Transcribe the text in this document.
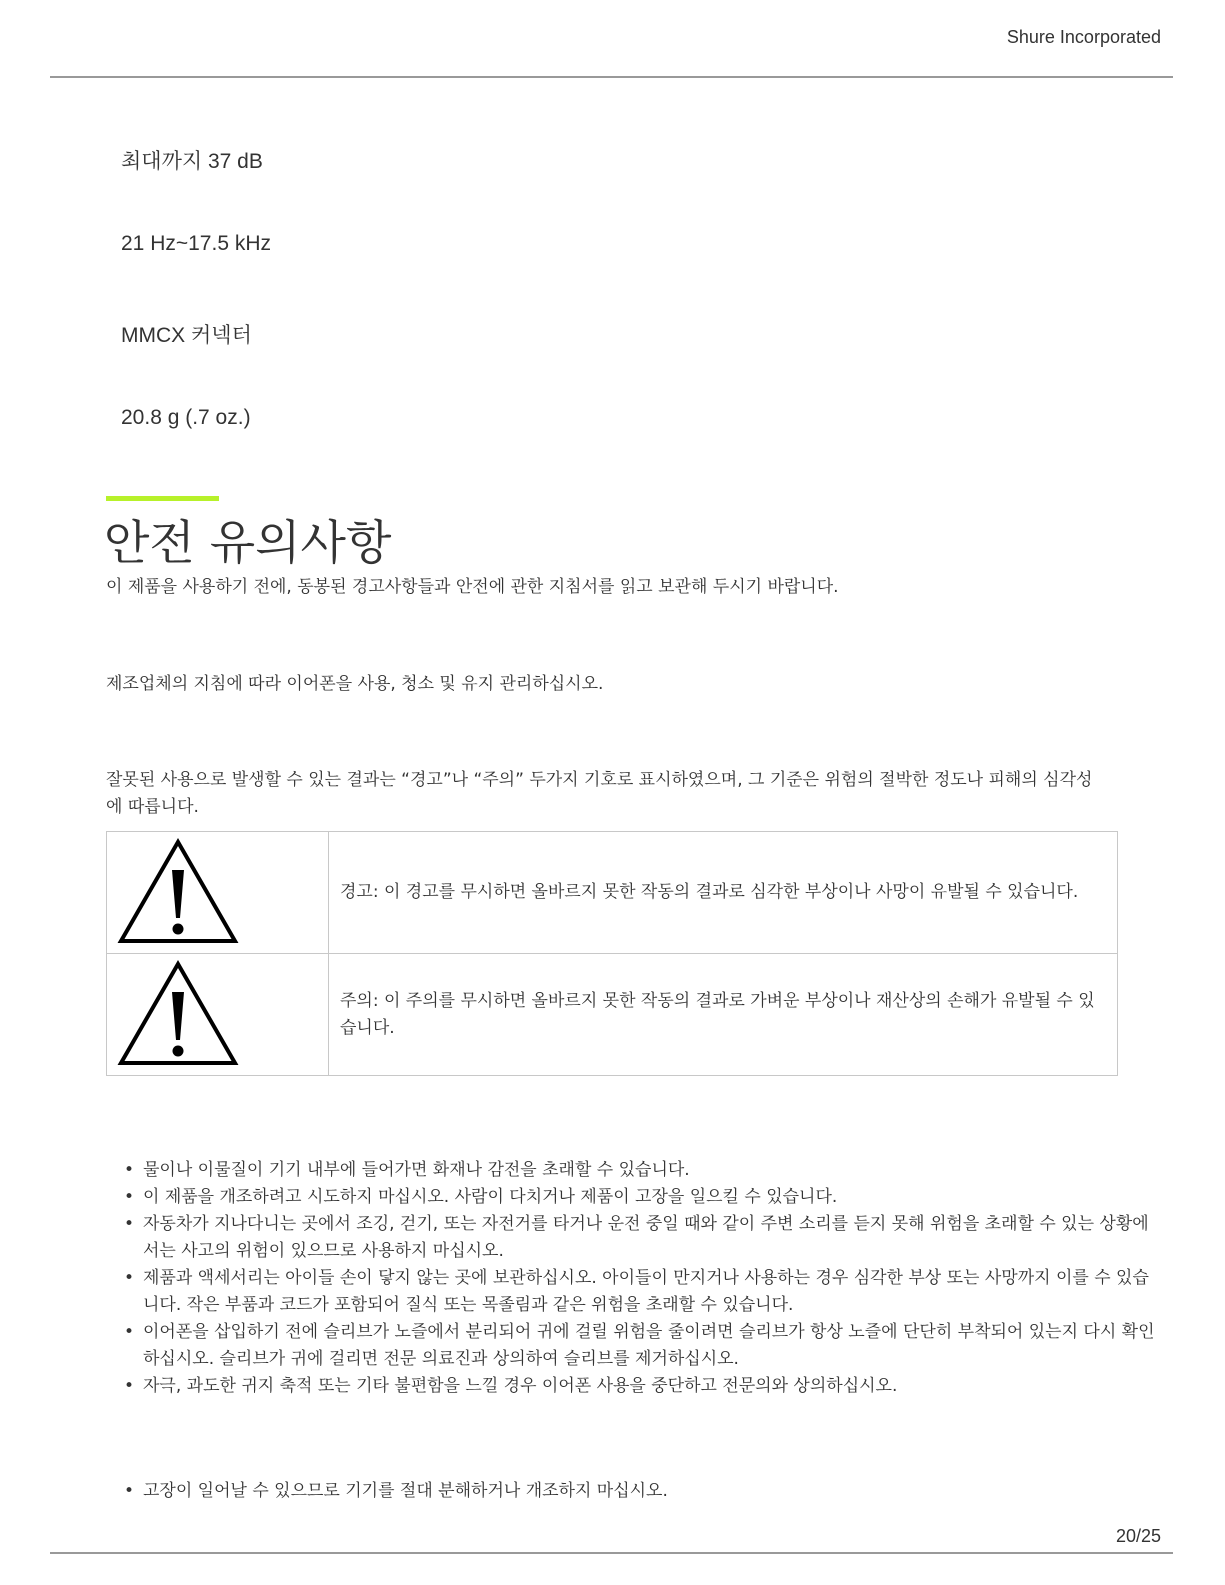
Shure Incorporated
최대까지 37 dB
21 Hz~17.5 kHz
MMCX 커넥터
20.8 g (.7 oz.)
안전 유의사항

이 제품을 사용하기 전에, 동봉된 경고사항들과 안전에 관한 지침서를 읽고 보관해 두시기 바랍니다.

제조업체의 지침에 따라 이어폰을 사용, 청소 및 유지 관리하십시오.

잘못된 사용으로 발생할 수 있는 결과는 “경고”나 “주의” 두가지 기호로 표시하였으며, 그 기준은 위험의 절박한 정도나 피해의 심각성에 따릅니다.

	경고: 이 경고를 무시하면 올바르지 못한 작동의 결과로 심각한 부상이나 사망이 유발될 수 있습니다.

	주의: 이 주의를 무시하면 올바르지 못한 작동의 결과로 가벼운 부상이나 재산상의 손해가 유발될 수 있습니다.
• 물이나 이물질이 기기 내부에 들어가면 화재나 감전을 초래할 수 있습니다.
• 이 제품을 개조하려고 시도하지 마십시오. 사람이 다치거나 제품이 고장을 일으킬 수 있습니다.
• 자동차가 지나다니는 곳에서 조깅, 걷기, 또는 자전거를 타거나 운전 중일 때와 같이 주변 소리를 듣지 못해 위험을 초래할 수 있는 상황에서는 사고의 위험이 있으므로 사용하지 마십시오.
• 제품과 액세서리는 아이들 손이 닿지 않는 곳에 보관하십시오. 아이들이 만지거나 사용하는 경우 심각한 부상 또는 사망까지 이를 수 있습니다. 작은 부품과 코드가 포함되어 질식 또는 목졸림과 같은 위험을 초래할 수 있습니다.
• 이어폰을 삽입하기 전에 슬리브가 노즐에서 분리되어 귀에 걸릴 위험을 줄이려면 슬리브가 항상 노즐에 단단히 부착되어 있는지 다시 확인하십시오. 슬리브가 귀에 걸리면 전문 의료진과 상의하여 슬리브를 제거하십시오.
• 자극, 과도한 귀지 축적 또는 기타 불편함을 느낄 경우 이어폰 사용을 중단하고 전문의와 상의하십시오.
• 고장이 일어날 수 있으므로 기기를 절대 분해하거나 개조하지 마십시오.
20/25
